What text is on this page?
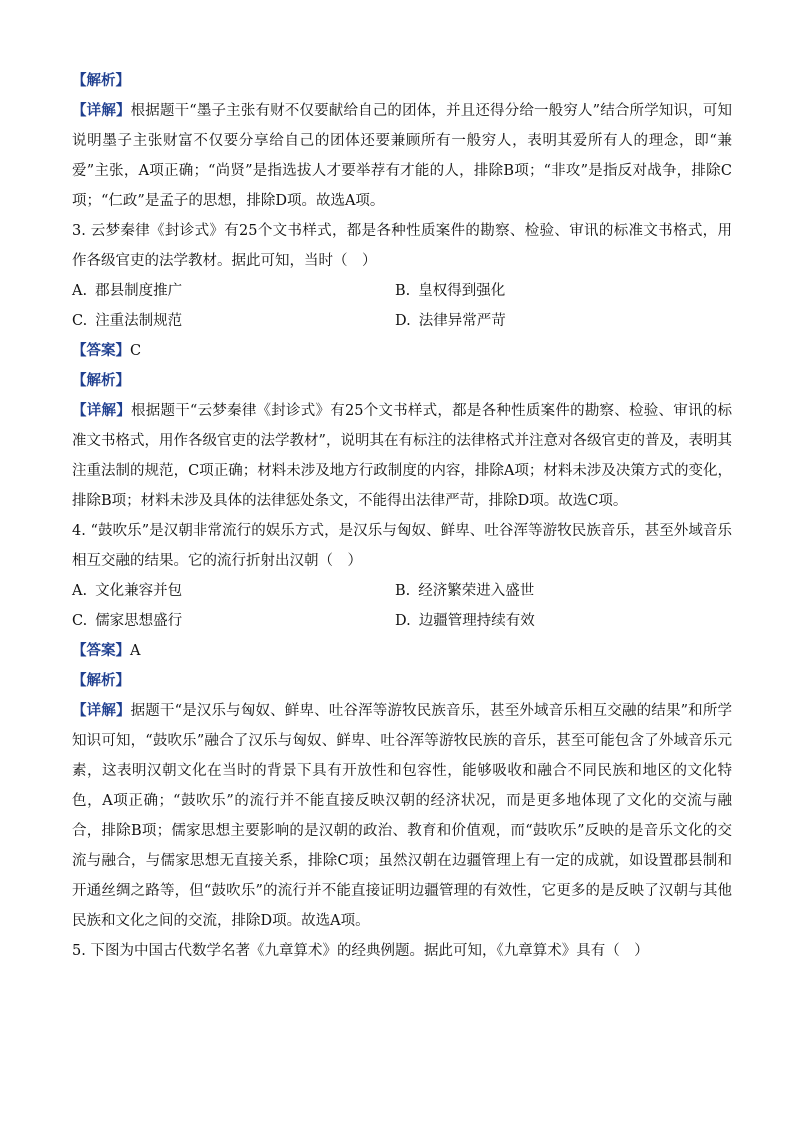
【解析】
【详解】根据题干“墨子主张有财不仅要献给自己的团体，并且还得分给一般穷人”结合所学知识，可知说明墨子主张财富不仅要分享给自己的团体还要兼顾所有一般穷人，表明其爱所有人的理念，即“兼爱”主张，A项正确；“尚贤”是指选拔人才要举荐有才能的人，排除B项；“非攻”是指反对战争，排除C项；“仁政”是孟子的思想，排除D项。故选A项。
3. 云梦秦律《封诊式》有25个文书样式，都是各种性质案件的勘察、检验、审讯的标准文书格式，用作各级官吏的法学教材。据此可知，当时（　）
A. 郡县制度推广	B. 皇权得到强化
C. 注重法制规范	D. 法律异常严苛
【答案】C
【解析】
【详解】根据题干“云梦秦律《封诊式》有25个文书样式，都是各种性质案件的勘察、检验、审讯的标准文书格式，用作各级官吏的法学教材”，说明其在有标注的法律格式并注意对各级官吏的普及，表明其注重法制的规范，C项正确；材料未涉及地方行政制度的内容，排除A项；材料未涉及决策方式的变化，排除B项；材料未涉及具体的法律惩处条文，不能得出法律严苛，排除D项。故选C项。
4. “鼓吹乐”是汉朝非常流行的娱乐方式，是汉乐与匈奴、鲜卑、吐谷浑等游牧民族音乐，甚至外域音乐相互交融的结果。它的流行折射出汉朝（　）
A. 文化兼容并包	B. 经济繁荣进入盛世
C. 儒家思想盛行	D. 边疆管理持续有效
【答案】A
【解析】
【详解】据题干“是汉乐与匈奴、鲜卑、吐谷浑等游牧民族音乐，甚至外域音乐相互交融的结果”和所学知识可知，“鼓吹乐”融合了汉乐与匈奴、鲜卑、吐谷浑等游牧民族的音乐，甚至可能包含了外域音乐元素，这表明汉朝文化在当时的背景下具有开放性和包容性，能够吸收和融合不同民族和地区的文化特色，A项正确；“鼓吹乐”的流行并不能直接反映汉朝的经济状况，而是更多地体现了文化的交流与融合，排除B项；儒家思想主要影响的是汉朝的政治、教育和价值观，而“鼓吹乐”反映的是音乐文化的交流与融合，与儒家思想无直接关系，排除C项；虽然汉朝在边疆管理上有一定的成就，如设置郡县制和开通丝绸之路等，但“鼓吹乐”的流行并不能直接证明边疆管理的有效性，它更多的是反映了汉朝与其他民族和文化之间的交流，排除D项。故选A项。
5. 下图为中国古代数学名著《九章算术》的经典例题。据此可知，《九章算术》具有（　）
